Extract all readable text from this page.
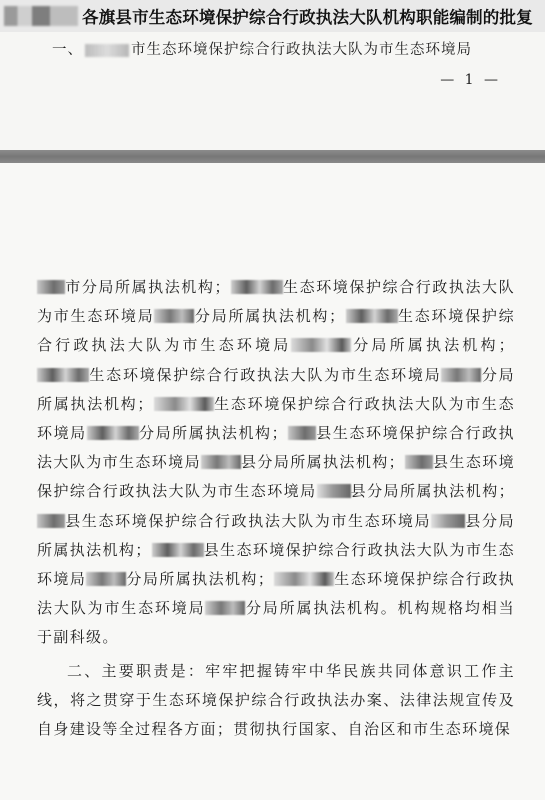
各旗县市生态环境保护综合行政执法大队机构职能编制的批复
一、	市生态环境保护综合行政执法大队为市生态环境局
— 1 —

市分局所属执法机构；	生态环境保护综合行政执法大队为市生态环境局	分局所属执法机构；	生态环境保护综合行政执法大队为市生态环境局	分局所属执法机构；生态环境保护综合行政执法大队为市生态环境局	分局所属执法机构；	生态环境保护综合行政执法大队为市生态环境局	分局所属执法机构； 县生态环境保护综合行政执法大队为市生态环境局	县分局所属执法机构； 县生态环境保护综合行政执法大队为市生态环境局 县分局所属执法机构；县生态环境保护综合行政执法大队为市生态环境局 县分局所属执法机构；	县生态环境保护综合行政执法大队为市生态环境局	分局所属执法机构；	生态环境保护综合行政执法大队为市生态环境局	分局所属执法机构。机构规格均相当于副科级。

二、主要职责是：牢牢把握铸牢中华民族共同体意识工作主线，将之贯穿于生态环境保护综合行政执法办案、法律法规宣传及自身建设等全过程各方面；贯彻执行国家、自治区和市生态环境保
